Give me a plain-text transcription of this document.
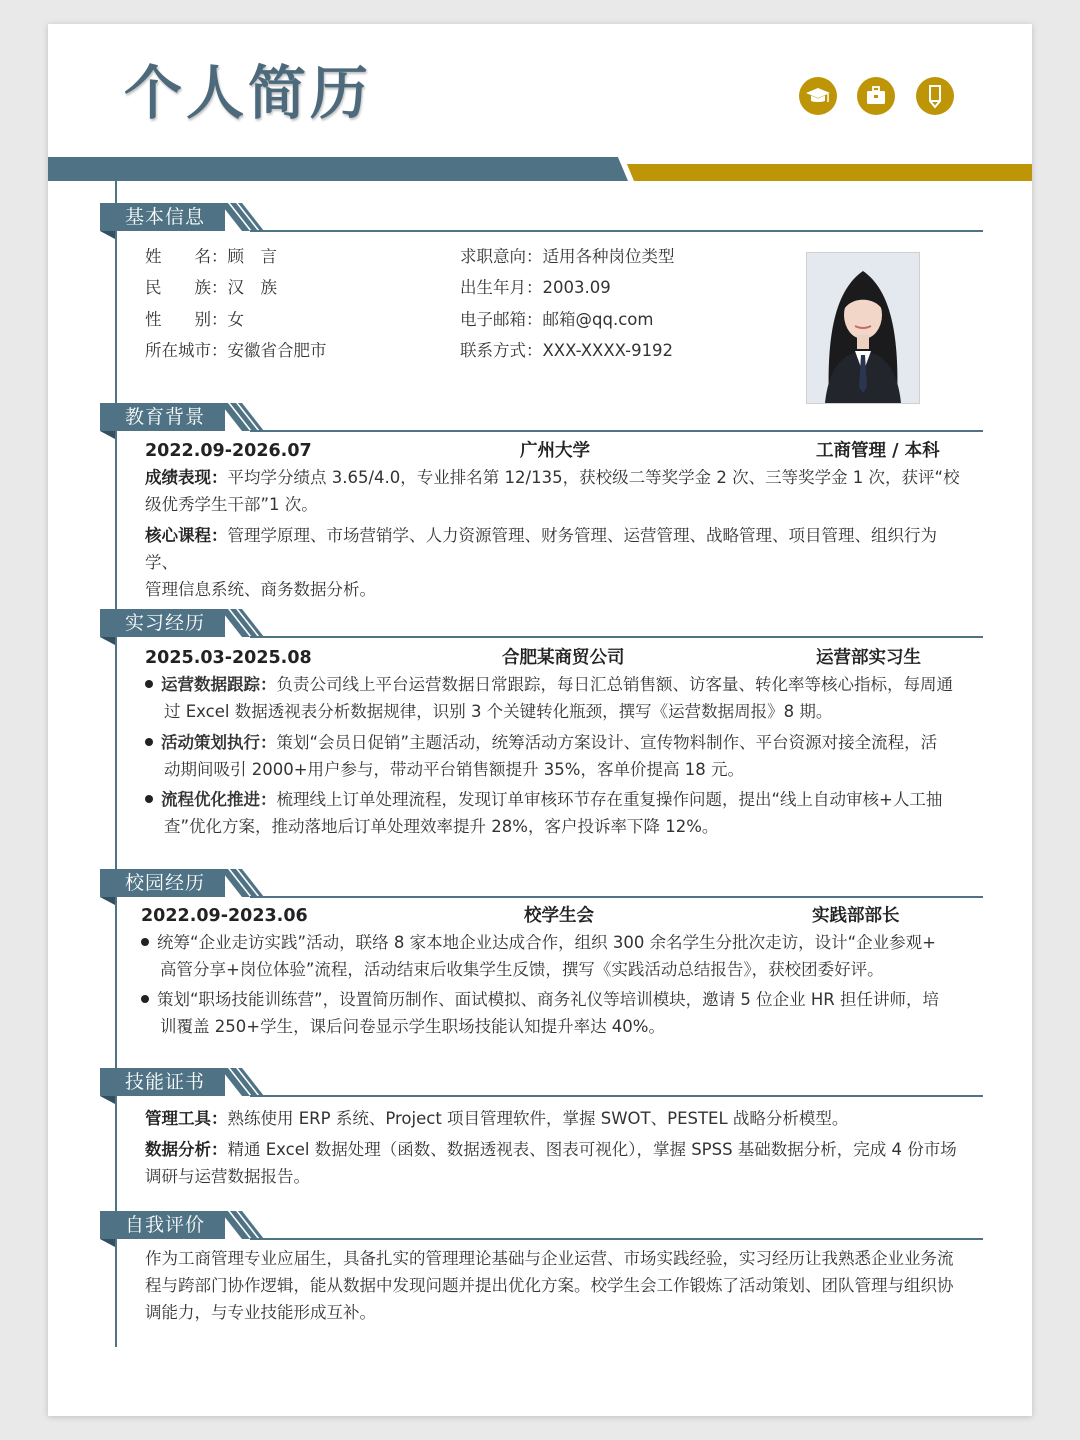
个人简历
基本信息
姓　　名：顾　言
民　　族：汉　族
性　　别：女
所在城市：安徽省合肥市
求职意向：适用各种岗位类型
出生年月：2003.09
电子邮箱：邮箱@qq.com
联系方式：XXX-XXXX-9192
教育背景
2022.09-2026.07	广州大学	工商管理 / 本科
成绩表现：平均学分绩点 3.65/4.0，专业排名第 12/135，获校级二等奖学金 2 次、三等奖学金 1 次，获评“校
级优秀学生干部”1 次。
核心课程：管理学原理、市场营销学、人力资源管理、财务管理、运营管理、战略管理、项目管理、组织行为学、
管理信息系统、商务数据分析。
实习经历
2025.03-2025.08	合肥某商贸公司	运营部实习生
运营数据跟踪：负责公司线上平台运营数据日常跟踪，每日汇总销售额、访客量、转化率等核心指标，每周通
过 Excel 数据透视表分析数据规律，识别 3 个关键转化瓶颈，撰写《运营数据周报》8 期。
活动策划执行：策划“会员日促销”主题活动，统筹活动方案设计、宣传物料制作、平台资源对接全流程，活
动期间吸引 2000+用户参与，带动平台销售额提升 35%，客单价提高 18 元。
流程优化推进：梳理线上订单处理流程，发现订单审核环节存在重复操作问题，提出“线上自动审核+人工抽
查”优化方案，推动落地后订单处理效率提升 28%，客户投诉率下降 12%。
校园经历
2022.09-2023.06	校学生会	实践部部长
统筹“企业走访实践”活动，联络 8 家本地企业达成合作，组织 300 余名学生分批次走访，设计“企业参观+
高管分享+岗位体验”流程，活动结束后收集学生反馈，撰写《实践活动总结报告》，获校团委好评。
策划“职场技能训练营”，设置简历制作、面试模拟、商务礼仪等培训模块，邀请 5 位企业 HR 担任讲师，培
训覆盖 250+学生，课后问卷显示学生职场技能认知提升率达 40%。
技能证书
管理工具：熟练使用 ERP 系统、Project 项目管理软件，掌握 SWOT、PESTEL 战略分析模型。
数据分析：精通 Excel 数据处理（函数、数据透视表、图表可视化），掌握 SPSS 基础数据分析，完成 4 份市场
调研与运营数据报告。
自我评价
作为工商管理专业应届生，具备扎实的管理理论基础与企业运营、市场实践经验，实习经历让我熟悉企业业务流
程与跨部门协作逻辑，能从数据中发现问题并提出优化方案。校学生会工作锻炼了活动策划、团队管理与组织协
调能力，与专业技能形成互补。
